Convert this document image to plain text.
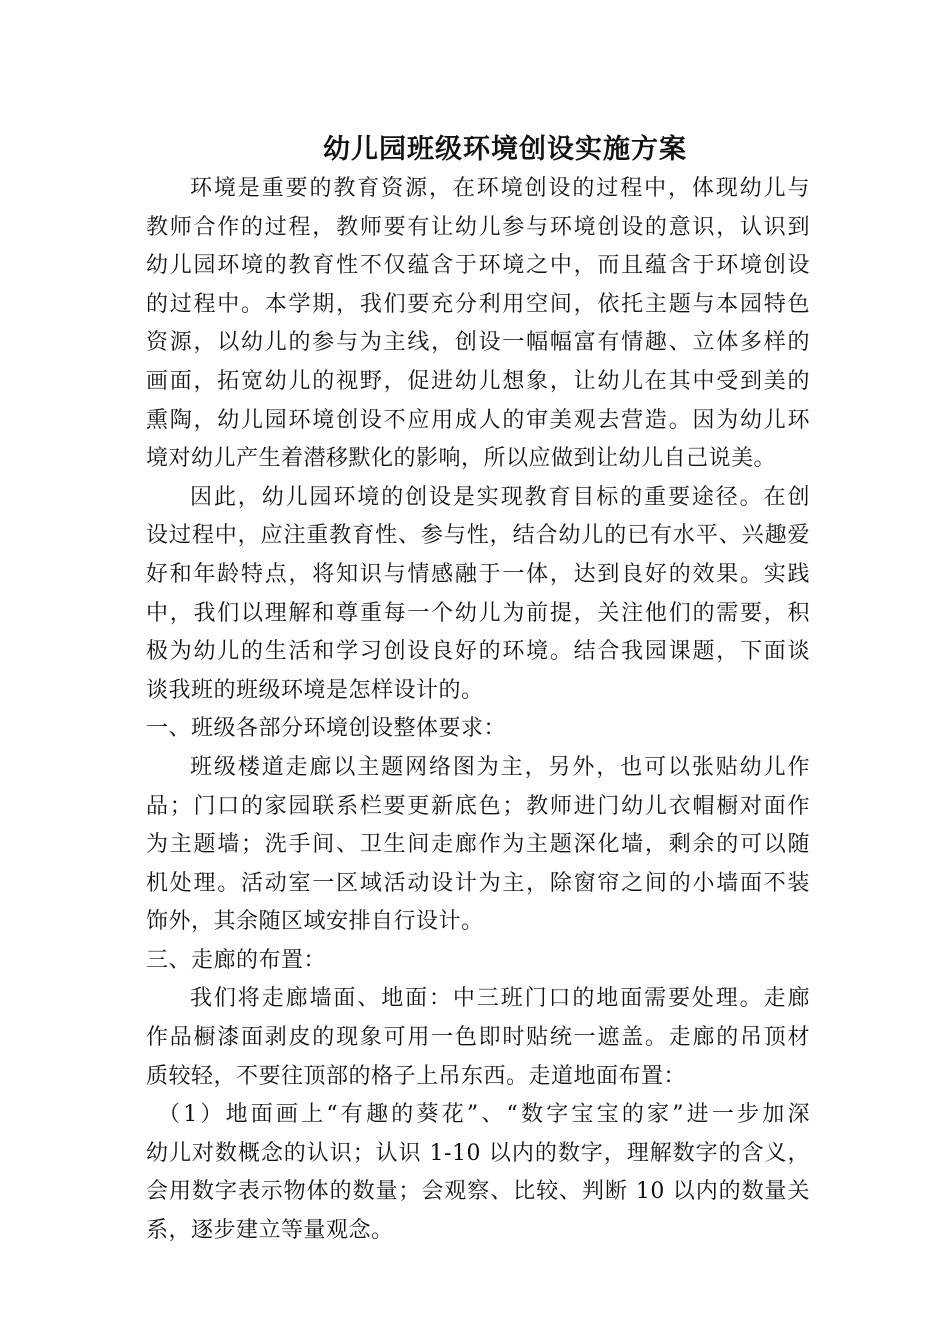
幼儿园班级环境创设实施方案
环境是重要的教育资源，在环境创设的过程中，体现幼儿与
教师合作的过程，教师要有让幼儿参与环境创设的意识，认识到
幼儿园环境的教育性不仅蕴含于环境之中，而且蕴含于环境创设
的过程中。本学期，我们要充分利用空间，依托主题与本园特色
资源，以幼儿的参与为主线，创设一幅幅富有情趣、立体多样的
画面，拓宽幼儿的视野，促进幼儿想象，让幼儿在其中受到美的
熏陶，幼儿园环境创设不应用成人的审美观去营造。因为幼儿环
境对幼儿产生着潜移默化的影响，所以应做到让幼儿自己说美。
因此，幼儿园环境的创设是实现教育目标的重要途径。在创
设过程中，应注重教育性、参与性，结合幼儿的已有水平、兴趣爱
好和年龄特点，将知识与情感融于一体，达到良好的效果。实践
中，我们以理解和尊重每一个幼儿为前提，关注他们的需要，积
极为幼儿的生活和学习创设良好的环境。结合我园课题，下面谈
谈我班的班级环境是怎样设计的。
一、班级各部分环境创设整体要求：
班级楼道走廊以主题网络图为主，另外，也可以张贴幼儿作
品；门口的家园联系栏要更新底色；教师进门幼儿衣帽橱对面作
为主题墙；洗手间、卫生间走廊作为主题深化墙，剩余的可以随
机处理。活动室一区域活动设计为主，除窗帘之间的小墙面不装
饰外，其余随区域安排自行设计。
三、走廊的布置：
我们将走廊墙面、地面：中三班门口的地面需要处理。走廊
作品橱漆面剥皮的现象可用一色即时贴统一遮盖。走廊的吊顶材
质较轻，不要往顶部的格子上吊东西。走道地面布置：
（1）地面画上“有趣的葵花”、“数字宝宝的家”进一步加深
幼儿对数概念的认识；认识 1-10 以内的数字，理解数字的含义，
会用数字表示物体的数量；会观察、比较、判断 10 以内的数量关
系，逐步建立等量观念。
